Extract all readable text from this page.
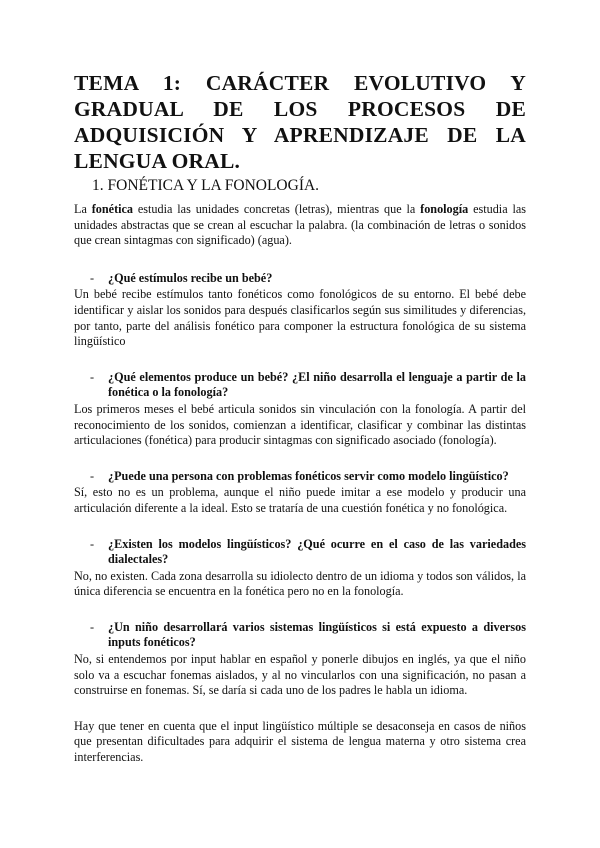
TEMA 1: CARÁCTER EVOLUTIVO Y GRADUAL DE LOS PROCESOS DE ADQUISICIÓN Y APRENDIZAJE DE LA LENGUA ORAL.
1. FONÉTICA Y LA FONOLOGÍA.

La fonética estudia las unidades concretas (letras), mientras que la fonología estudia las unidades abstractas que se crean al escuchar la palabra. (la combinación de letras o sonidos que crean sintagmas con significado) (agua).

-	¿Qué estímulos recibe un bebé?

Un bebé recibe estímulos tanto fonéticos como fonológicos de su entorno. El bebé debe identificar y aislar los sonidos para después clasificarlos según sus similitudes y diferencias, por tanto, parte del análisis fonético para componer la estructura fonológica de su sistema lingüístico

-	¿Qué elementos produce un bebé? ¿El niño desarrolla el lenguaje a partir de la fonética o la fonología?

Los primeros meses el bebé articula sonidos sin vinculación con la fonología. A partir del reconocimiento de los sonidos, comienzan a identificar, clasificar y combinar las distintas articulaciones (fonética) para producir sintagmas con significado asociado (fonología).

-	¿Puede una persona con problemas fonéticos servir como modelo lingüístico?

Sí, esto no es un problema, aunque el niño puede imitar a ese modelo y producir una articulación diferente a la ideal. Esto se trataría de una cuestión fonética y no fonológica.

-	¿Existen los modelos lingüísticos? ¿Qué ocurre en el caso de las variedades dialectales?

No, no existen. Cada zona desarrolla su idiolecto dentro de un idioma y todos son válidos, la única diferencia se encuentra en la fonética pero no en la fonología.

-	¿Un niño desarrollará varios sistemas lingüísticos si está expuesto a diversos inputs fonéticos?

No, si entendemos por input hablar en español y ponerle dibujos en inglés, ya que el niño solo va a escuchar fonemas aislados, y al no vincularlos con una significación, no pasan a construirse en fonemas. Sí, se daría si cada uno de los padres le habla un idioma.

Hay que tener en cuenta que el input lingüístico múltiple se desaconseja en casos de niños que presentan dificultades para adquirir el sistema de lengua materna y otro sistema crea interferencias.
